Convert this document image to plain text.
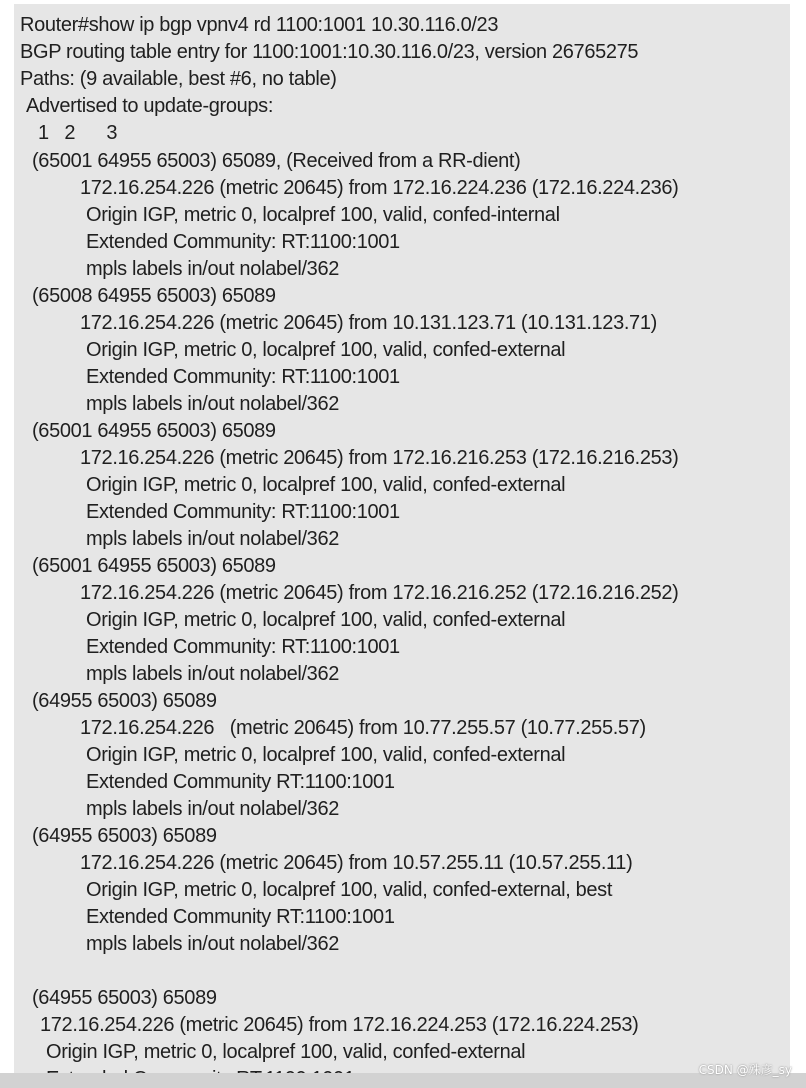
Router#show ip bgp vpnv4 rd 1100:1001 10.30.116.0/23
BGP routing table entry for 1100:1001:10.30.116.0/23, version 26765275
Paths: (9 available, best #6, no table)
Advertised to update-groups:
1   2      3
(65001 64955 65003) 65089, (Received from a RR-dient)
172.16.254.226 (metric 20645) from 172.16.224.236 (172.16.224.236)
Origin IGP, metric 0, localpref 100, valid, confed-internal
Extended Community: RT:1100:1001
mpls labels in/out nolabel/362
(65008 64955 65003) 65089
172.16.254.226 (metric 20645) from 10.131.123.71 (10.131.123.71)
Origin IGP, metric 0, localpref 100, valid, confed-external
Extended Community: RT:1100:1001
mpls labels in/out nolabel/362
(65001 64955 65003) 65089
172.16.254.226 (metric 20645) from 172.16.216.253 (172.16.216.253)
Origin IGP, metric 0, localpref 100, valid, confed-external
Extended Community: RT:1100:1001
mpls labels in/out nolabel/362
(65001 64955 65003) 65089
172.16.254.226 (metric 20645) from 172.16.216.252 (172.16.216.252)
Origin IGP, metric 0, localpref 100, valid, confed-external
Extended Community: RT:1100:1001
mpls labels in/out nolabel/362
(64955 65003) 65089
172.16.254.226   (metric 20645) from 10.77.255.57 (10.77.255.57)
Origin IGP, metric 0, localpref 100, valid, confed-external
Extended Community RT:1100:1001
mpls labels in/out nolabel/362
(64955 65003) 65089
172.16.254.226 (metric 20645) from 10.57.255.11 (10.57.255.11)
Origin IGP, metric 0, localpref 100, valid, confed-external, best
Extended Community RT:1100:1001
mpls labels in/out nolabel/362
(64955 65003) 65089
172.16.254.226 (metric 20645) from 172.16.224.253 (172.16.224.253)
Origin IGP, metric 0, localpref 100, valid, confed-external
CSDN @殊彦_sy
